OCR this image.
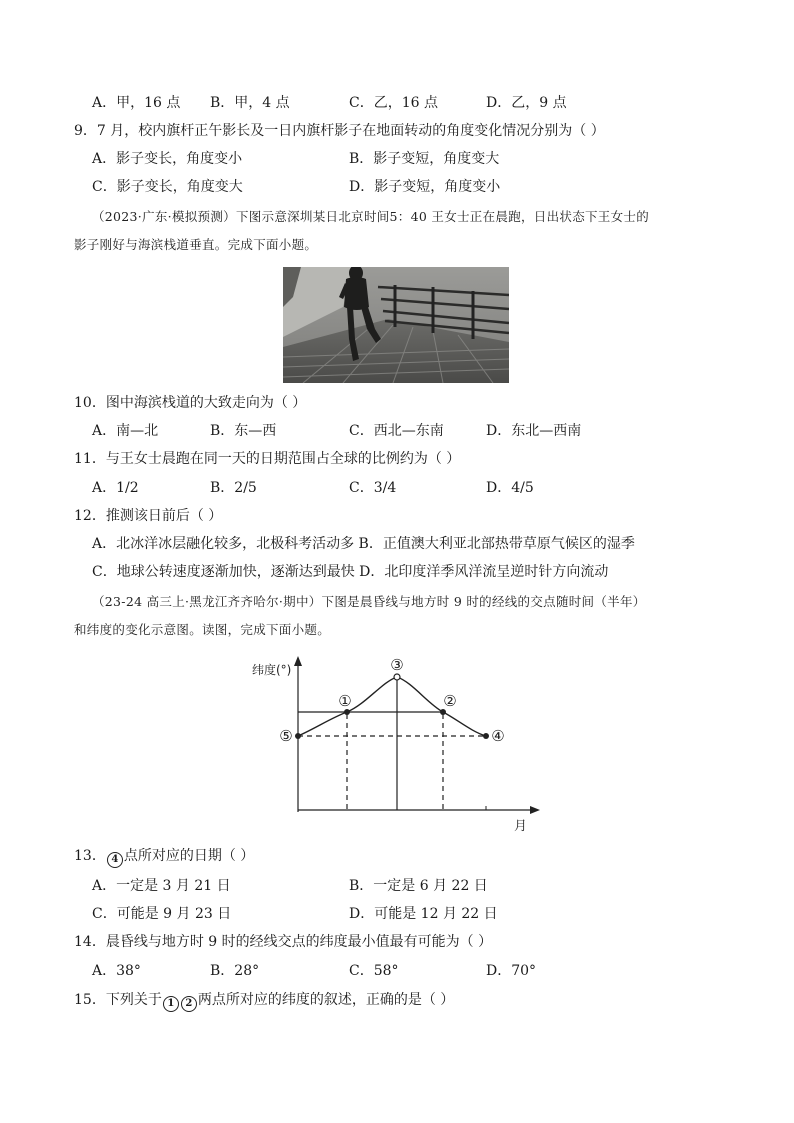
A．甲，16 点 B．甲，4 点	C．乙，16 点	D．乙，9 点
9．7 月，校内旗杆正午影长及一日内旗杆影子在地面转动的角度变化情况分别为（ ）
A．影子变长，角度变小	B．影子变短，角度变大
C．影子变长，角度变大	D．影子变短，角度变小
（2023·广东·模拟预测）下图示意深圳某日北京时间5：40 王女士正在晨跑，日出状态下王女士的
影子刚好与海滨栈道垂直。完成下面小题。
10．图中海滨栈道的大致走向为（ ）
A．南—北	B．东—西	C．西北—东南	D．东北—西南
11．与王女士晨跑在同一天的日期范围占全球的比例约为（ ）
A．1/2	B．2/5	C．3/4	D．4/5
12．推测该日前后（ ）
A．北冰洋冰层融化较多，北极科考活动多 B．正值澳大利亚北部热带草原气候区的湿季
C．地球公转速度逐渐加快，逐渐达到最快 D．北印度洋季风洋流呈逆时针方向流动
（23-24 高三上·黑龙江齐齐哈尔·期中）下图是晨昏线与地方时 9 时的经线的交点随时间（半年）
和纬度的变化示意图。读图，完成下面小题。
①	②
③
④
⑤
纬度(°)
月
13． 4 点所对应的日期（ ）
A．一定是 3 月 21 日	B．一定是 6 月 22 日
C．可能是 9 月 23 日	D．可能是 12 月 22 日
14．晨昏线与地方时 9 时的经线交点的纬度最小值最有可能为（ ）
A．38°	B．28°	C．58°	D．70°
15．下列关于 1 2 两点所对应的纬度的叙述，正确的是（ ）
